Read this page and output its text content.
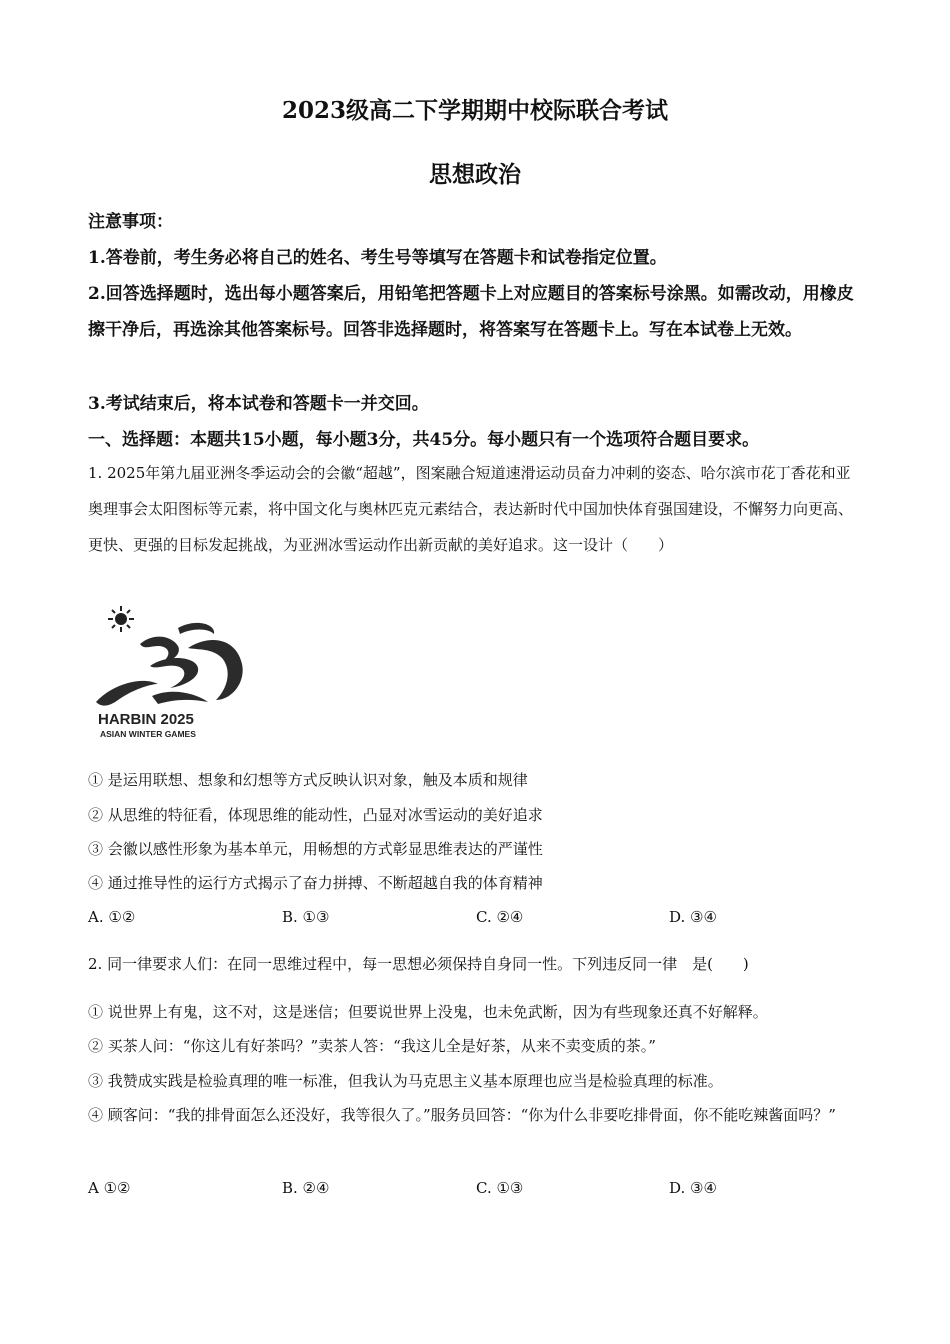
2023级高二下学期期中校际联合考试
思想政治
注意事项：
1.答卷前，考生务必将自己的姓名、考生号等填写在答题卡和试卷指定位置。
2.回答选择题时，选出每小题答案后，用铅笔把答题卡上对应题目的答案标号涂黑。如需改动，用橡皮擦干净后，再选涂其他答案标号。回答非选择题时，将答案写在答题卡上。写在本试卷上无效。
3.考试结束后，将本试卷和答题卡一并交回。
一、选择题：本题共15小题，每小题3分，共45分。每小题只有一个选项符合题目要求。
1. 2025年第九届亚洲冬季运动会的会徽“超越”，图案融合短道速滑运动员奋力冲刺的姿态、哈尔滨市花丁香花和亚奥理事会太阳图标等元素，将中国文化与奥林匹克元素结合，表达新时代中国加快体育强国建设，不懈努力向更高、更快、更强的目标发起挑战，为亚洲冰雪运动作出新贡献的美好追求。这一设计（　　）
HARBIN 2025
ASIAN WINTER GAMES
① 是运用联想、想象和幻想等方式反映认识对象，触及本质和规律
② 从思维的特征看，体现思维的能动性，凸显对冰雪运动的美好追求
③ 会徽以感性形象为基本单元，用畅想的方式彰显思维表达的严谨性
④ 通过推导性的运行方式揭示了奋力拼搏、不断超越自我的体育精神
A. ①②	B. ①③	C. ②④	D. ③④
2. 同一律要求人们：在同一思维过程中，每一思想必须保持自身同一性。下列违反同一律　是(　　)
① 说世界上有鬼，这不对，这是迷信；但要说世界上没鬼，也未免武断，因为有些现象还真不好解释。
② 买茶人问：“你这儿有好茶吗？”卖茶人答：“我这儿全是好茶，从来不卖变质的茶。”
③ 我赞成实践是检验真理的唯一标准，但我认为马克思主义基本原理也应当是检验真理的标准。
④ 顾客问：“我的排骨面怎么还没好，我等很久了。”服务员回答：“你为什么非要吃排骨面，你不能吃辣酱面吗？”
A ①②	B. ②④	C. ①③	D. ③④
